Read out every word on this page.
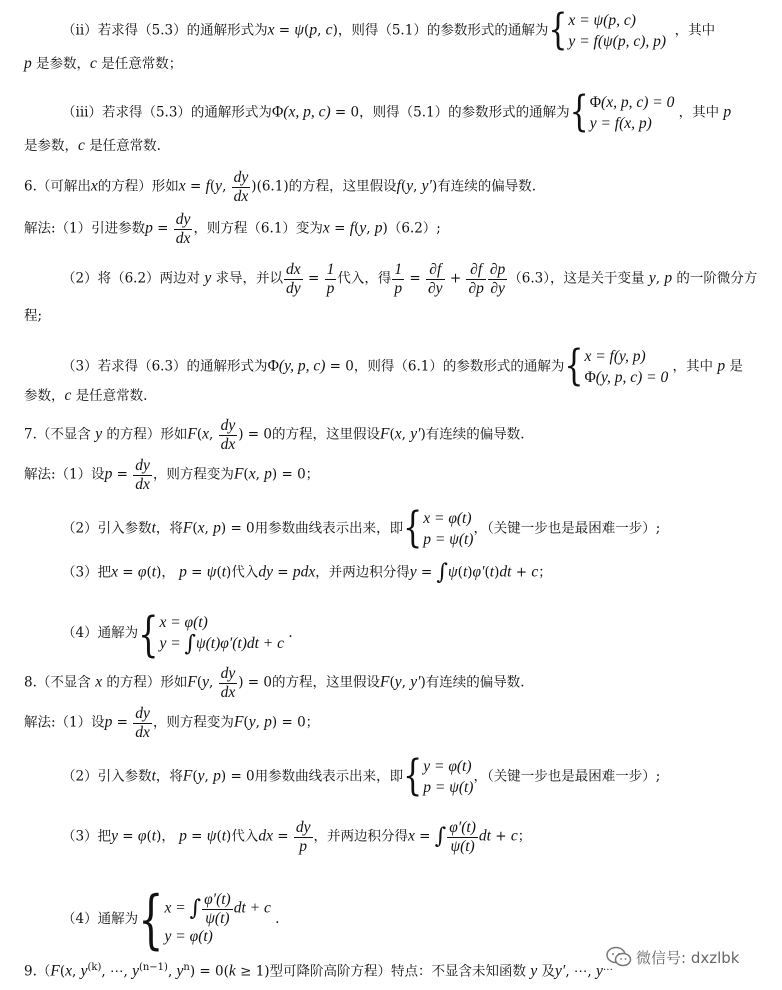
（ii）若求得（5.3）的通解形式为x = ψ(p, c)，则得（5.1）的参数形式的通解为 { x = ψ(p, c)
y = f(ψ(p, c), p)
，其中
p 是参数，c 是任意常数；
（iii）若求得（5.3）的通解形式为Φ(x, p, c) = 0，则得（5.1）的参数形式的通解为 { Φ(x, p, c) = 0
y = f(x, p)
，其中 p
是参数，c 是任意常数.
6.（可解出x的方程）形如x = f(y, $\frac{dy}{dx} )(6.1)$的方程，这里假设f(y, y′)有连续的偏导数.
解法:（1）引进参数$p = \frac{dy}{dx}$ ，则方程（6.1）变为x = f(y, p)（6.2）;
（2）将（6.2）两边对 y 求导，并以 $\frac{dx}{dy} = \frac{1}{p}$ 代入，得 $\frac{1}{p} = \frac{\partial f}{\partial y} + \frac{\partial f}{\partial p} \frac{\partial p}{\partial y} (6.3)$，这是关于变量 y, p 的一阶微分方
程;
（3）若求得（6.3）的通解形式为Φ(y, p, c) = 0，则得（6.1）的参数形式的通解为 { x = f(y, p)
Φ(y, p, c) = 0
，其中 p 是
参数，c 是任意常数.
7.（不显含 y 的方程）形如F(x, $\frac{dy}{dx}$ ) = 0的方程，这里假设F(x, y′)有连续的偏导数.
解法:（1）设$p = \frac{dy}{dx}$ ，则方程变为F(x, p) = 0；
（2）引入参数t，将F(x, p) = 0用参数曲线表示出来，即 { x = φ(t)
p = ψ(t)
，（关键一步也是最困难一步）;
（3）把x = φ(t)， p = ψ(t)代入dy = pdx，并两边积分得y = ∫ψ(t)φ′(t)dt + c；
（4）通解为 { x = φ(t)
y = ∫ψ(t)φ′(t)dt + c
.
8.（不显含 x 的方程）形如F(y, $\frac{dy}{dx}$ ) = 0的方程，这里假设F(y, y′)有连续的偏导数.
解法:（1）设$p = \frac{dy}{dx}$ ，则方程变为F(y, p) = 0；
（2）引入参数t，将F(y, p) = 0用参数曲线表示出来，即 { y = φ(t)
p = ψ(t)
，（关键一步也是最困难一步）;
（3）把y = φ(t)， p = ψ(t)代入dx = $\frac{dy}{p}$ ，并两边积分得x = ∫ $\frac{\varphi'(t)}{\psi(t)}$ dt + c；
（4）通解为 { x = ∫ $\frac{\varphi'(t)}{\psi(t)}$ dt + c
y = φ(t)
.
9.（F(x, $y^{(k)}$, ⋯, $y^{(n-1)}$, $y^n) = 0(k \ge 1)$型可降阶高阶方程）特点：不显含未知函数 y 及y′, ⋯, y…
微信号: dxzlbk
